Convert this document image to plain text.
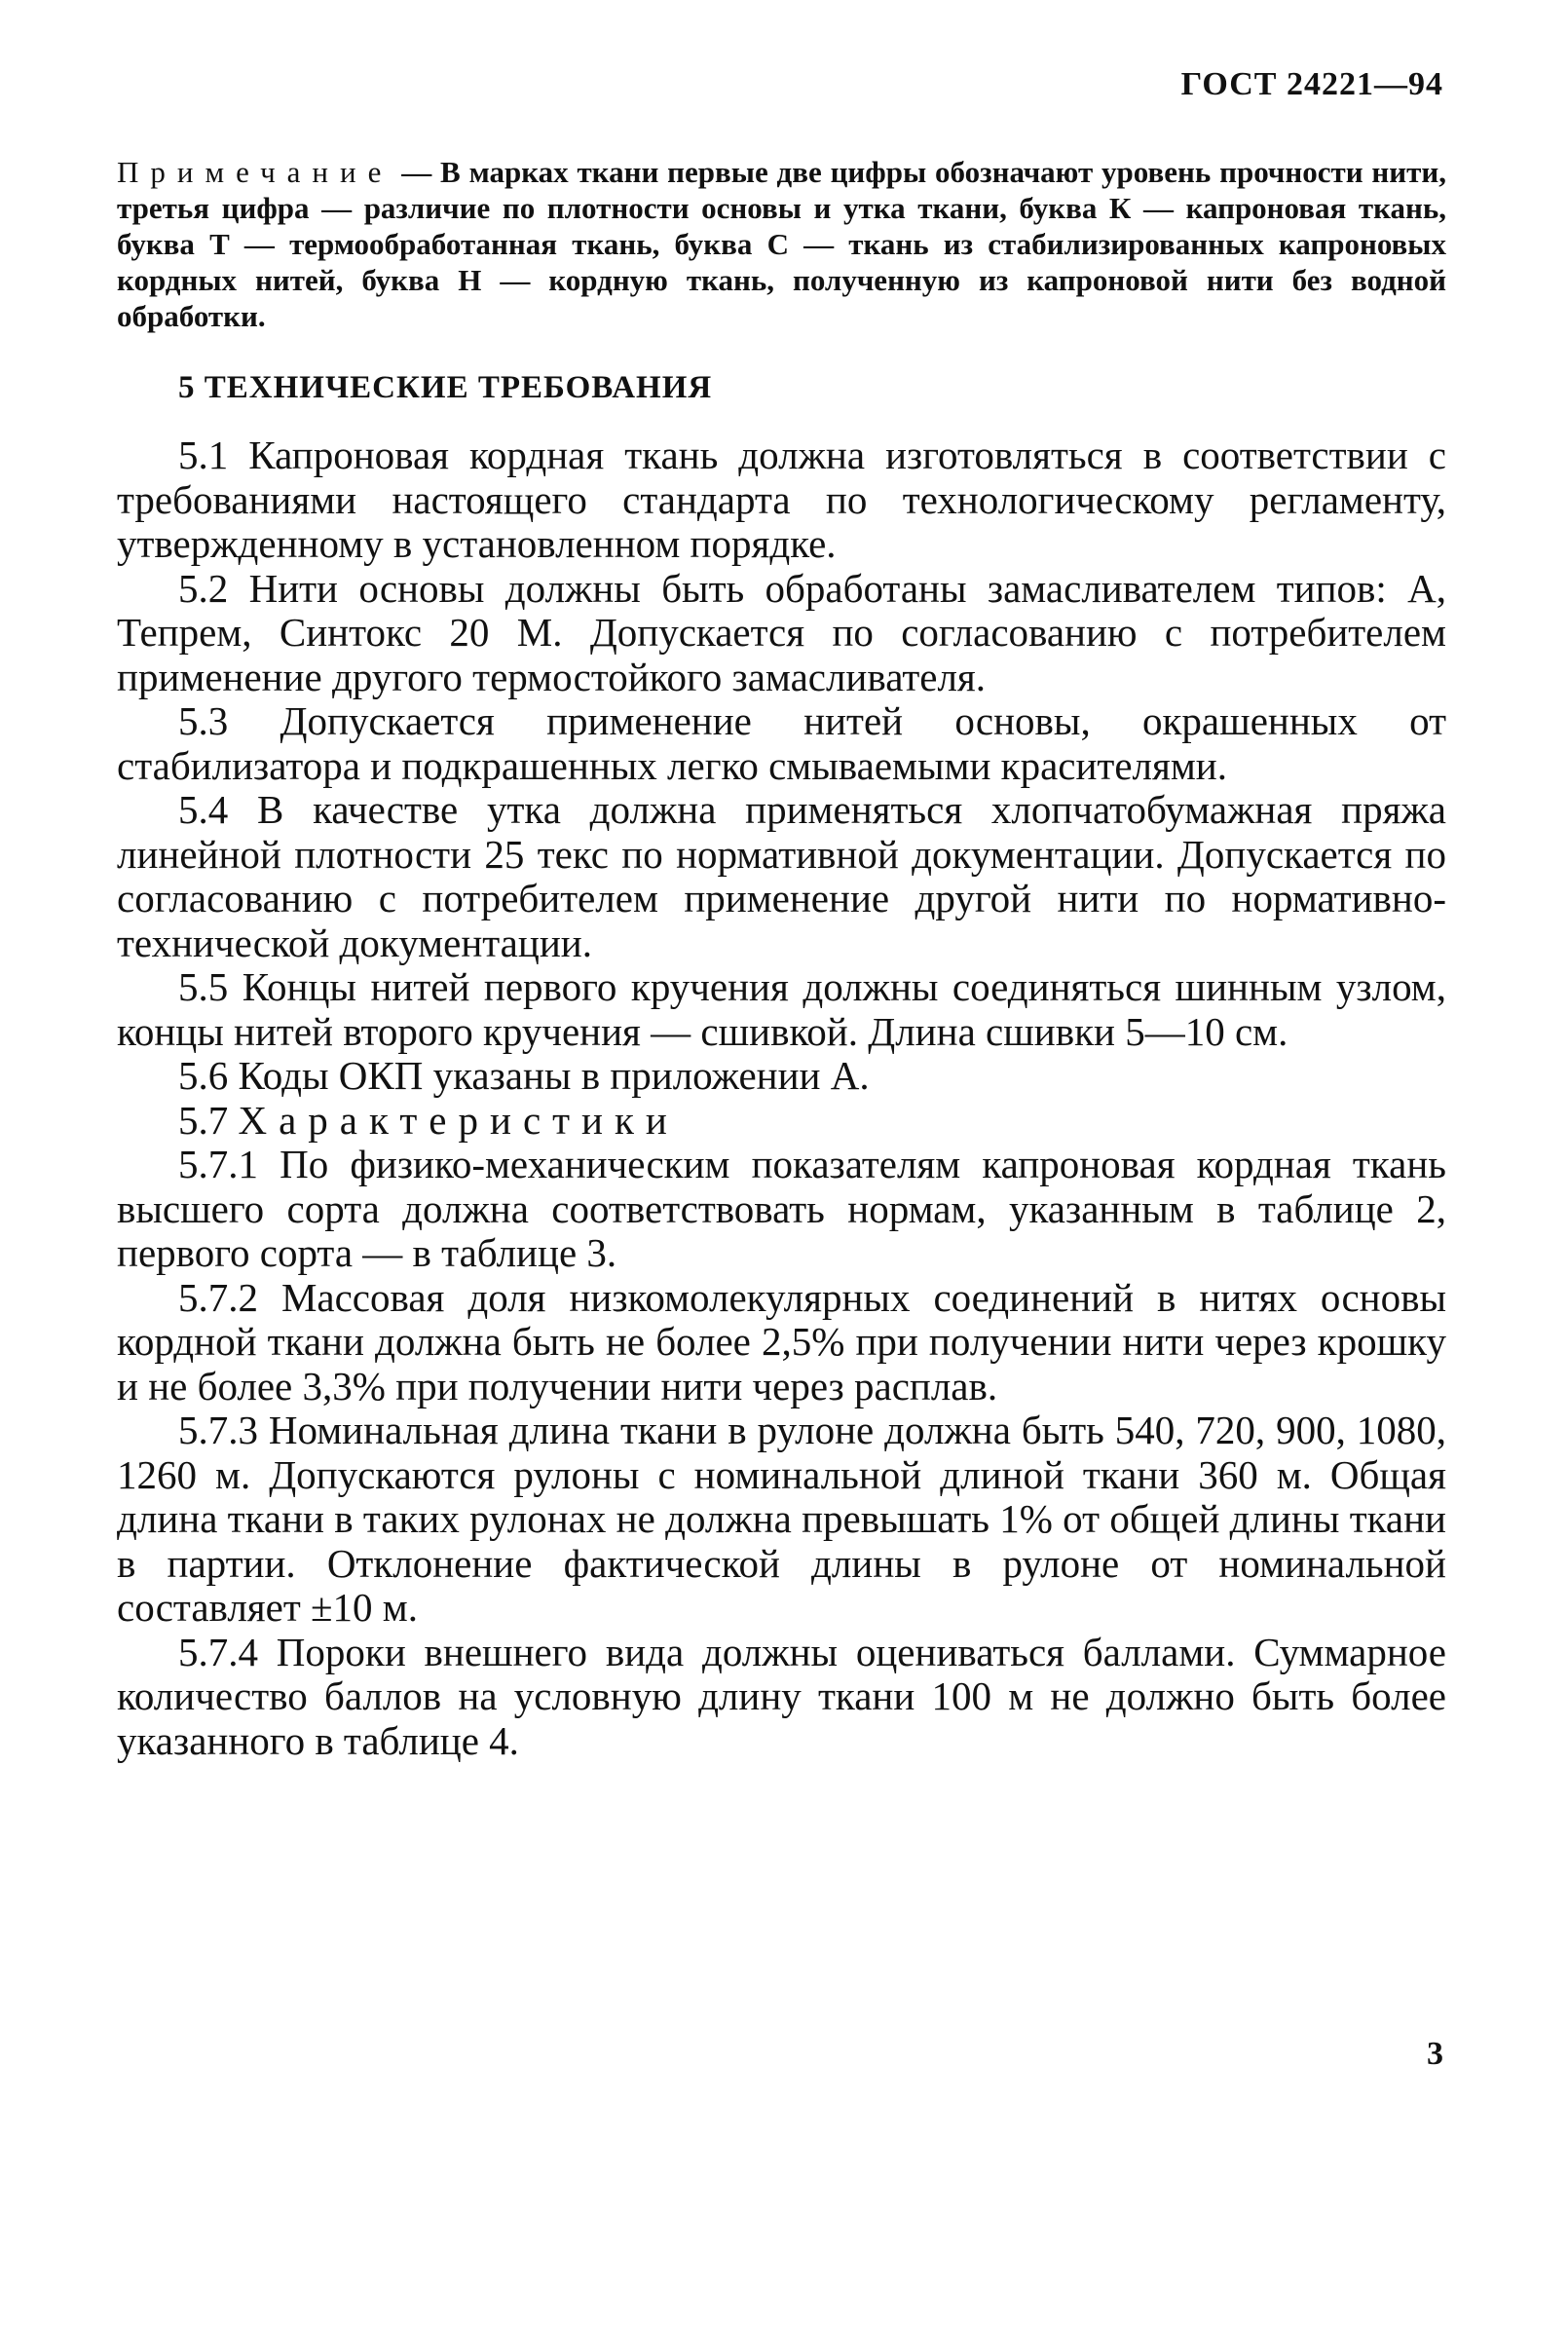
ГОСТ 24221—94
Примечание — В марках ткани первые две цифры обозначают уровень прочности нити, третья цифра — различие по плотности основы и утка ткани, буква К — капроновая ткань, буква Т — термообработанная ткань, буква С — ткань из стабилизированных капроновых кордных нитей, буква Н — кордную ткань, полученную из капроновой нити без водной обработки.
5 ТЕХНИЧЕСКИЕ ТРЕБОВАНИЯ

5.1 Капроновая кордная ткань должна изготовляться в соответствии с требованиями настоящего стандарта по технологическому регламенту, утвержденному в установленном порядке.

5.2 Нити основы должны быть обработаны замасливателем типов: А, Тепрем, Синтокс 20 М. Допускается по согласованию с потребителем применение другого термостойкого замасливателя.

5.3 Допускается применение нитей основы, окрашенных от стабилизатора и подкрашенных легко смываемыми красителями.

5.4 В качестве утка должна применяться хлопчатобумажная пряжа линейной плотности 25 текс по нормативной документации. Допускается по согласованию с потребителем применение другой нити по нормативно-технической документации.

5.5 Концы нитей первого кручения должны соединяться шинным узлом, концы нитей второго кручения — сшивкой. Длина сшивки 5—10 см.

5.6 Коды ОКП указаны в приложении А.

5.7 Характеристики

5.7.1 По физико-механическим показателям капроновая кордная ткань высшего сорта должна соответствовать нормам, указанным в таблице 2, первого сорта — в таблице 3.

5.7.2 Массовая доля низкомолекулярных соединений в нитях основы кордной ткани должна быть не более 2,5% при получении нити через крошку и не более 3,3% при получении нити через расплав.

5.7.3 Номинальная длина ткани в рулоне должна быть 540, 720, 900, 1080, 1260 м. Допускаются рулоны с номинальной длиной ткани 360 м. Общая длина ткани в таких рулонах не должна превышать 1% от общей длины ткани в партии. Отклонение фактической длины в рулоне от номинальной составляет ±10 м.

5.7.4 Пороки внешнего вида должны оцениваться баллами. Суммарное количество баллов на условную длину ткани 100 м не должно быть более указанного в таблице 4.

3
